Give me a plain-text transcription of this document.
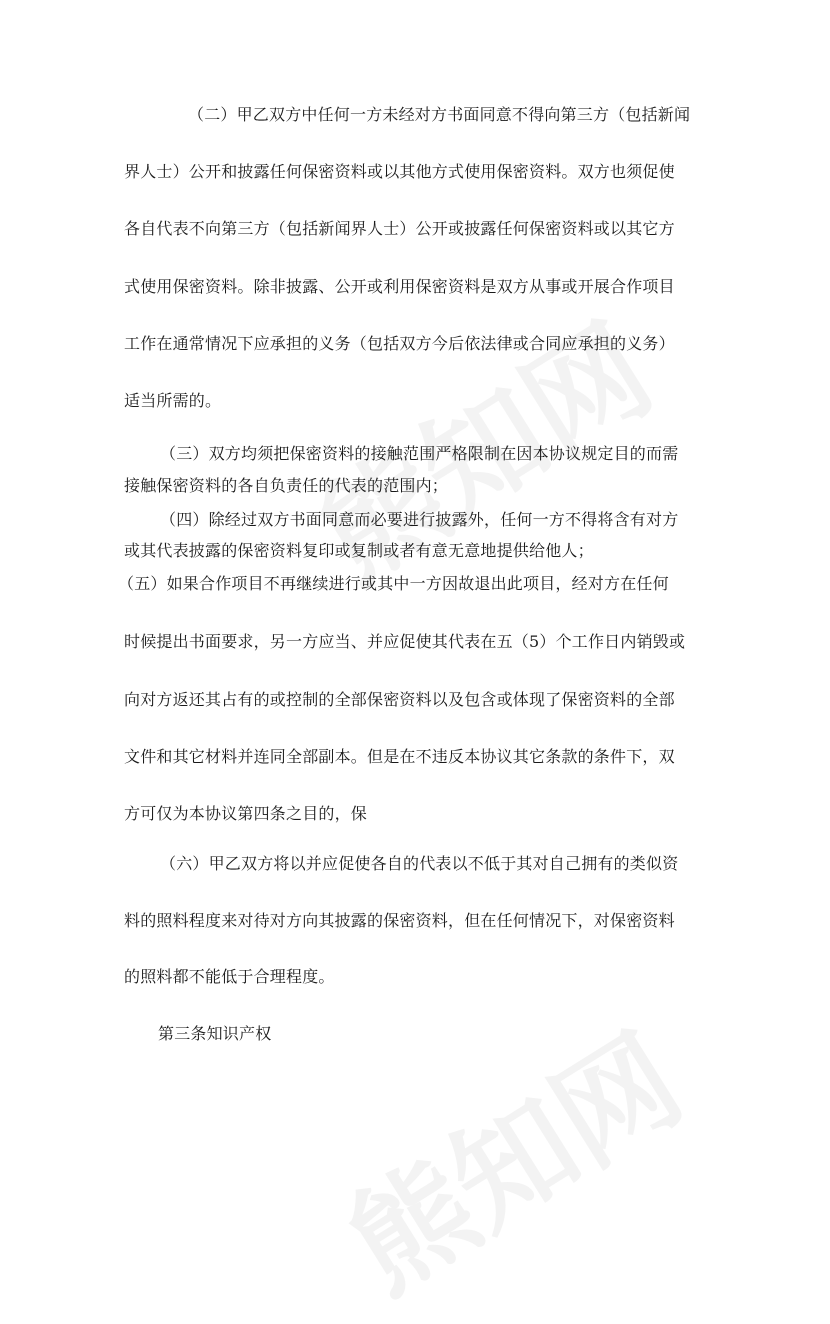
（二）甲乙双方中任何一方未经对方书面同意不得向第三方（包括新闻
界人士）公开和披露任何保密资料或以其他方式使用保密资料。双方也须促使
各自代表不向第三方（包括新闻界人士）公开或披露任何保密资料或以其它方
式使用保密资料。除非披露、公开或利用保密资料是双方从事或开展合作项目
工作在通常情况下应承担的义务（包括双方今后依法律或合同应承担的义务）
适当所需的。
（三）双方均须把保密资料的接触范围严格限制在因本协议规定目的而需
接触保密资料的各自负责任的代表的范围内；
（四）除经过双方书面同意而必要进行披露外，任何一方不得将含有对方
或其代表披露的保密资料复印或复制或者有意无意地提供给他人；
（五）如果合作项目不再继续进行或其中一方因故退出此项目，经对方在任何
时候提出书面要求，另一方应当、并应促使其代表在五（5）个工作日内销毁或
向对方返还其占有的或控制的全部保密资料以及包含或体现了保密资料的全部
文件和其它材料并连同全部副本。但是在不违反本协议其它条款的条件下，双
方可仅为本协议第四条之目的，保
（六）甲乙双方将以并应促使各自的代表以不低于其对自己拥有的类似资
料的照料程度来对待对方向其披露的保密资料，但在任何情况下，对保密资料
的照料都不能低于合理程度。
第三条知识产权
